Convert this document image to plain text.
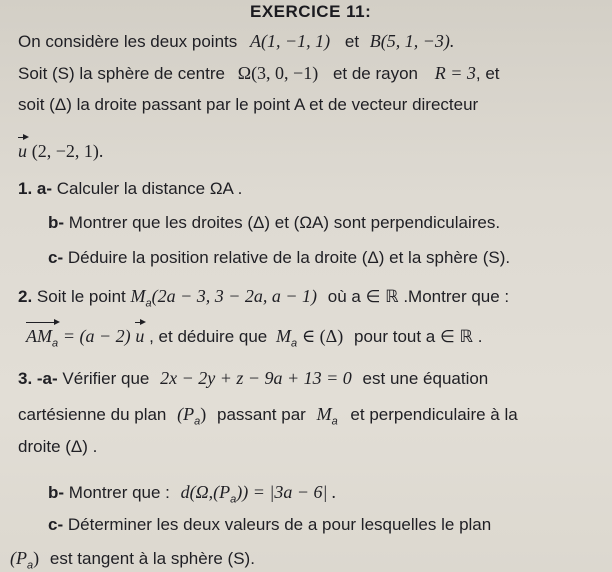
EXERCICE 11:
On considère les deux points A(1, −1, 1) et B(5, 1, −3).
Soit (S) la sphère de centre Ω(3, 0, −1) et de rayon R = 3, et
soit (Δ) la droite passant par le point A et de vecteur directeur
u (2, −2, 1).
1. a- Calculer la distance ΩA .
b- Montrer que les droites (Δ) et (ΩA) sont perpendiculaires.
c- Déduire la position relative de la droite (Δ) et la sphère (S).
2. Soit le point $M_a(2a - 3$, 3 − 2a, a − 1) où a ∈ ℝ .Montrer que :
$AM_a = (a - 2)$ u , et déduire que $M_a$ ∈ (Δ) pour tout a ∈ ℝ .
3. -a- Vérifier que 2x − 2y + z − 9a + 13 = 0 est une équation
cartésienne du plan $(P_a)$ passant par $M_a$ et perpendiculaire à la
droite (Δ) .
b- Montrer que : $d(\Omega,(P_a)) = |3a - 6|$ .
c- Déterminer les deux valeurs de a pour lesquelles le plan
$(P_a)$ est tangent à la sphère (S).
